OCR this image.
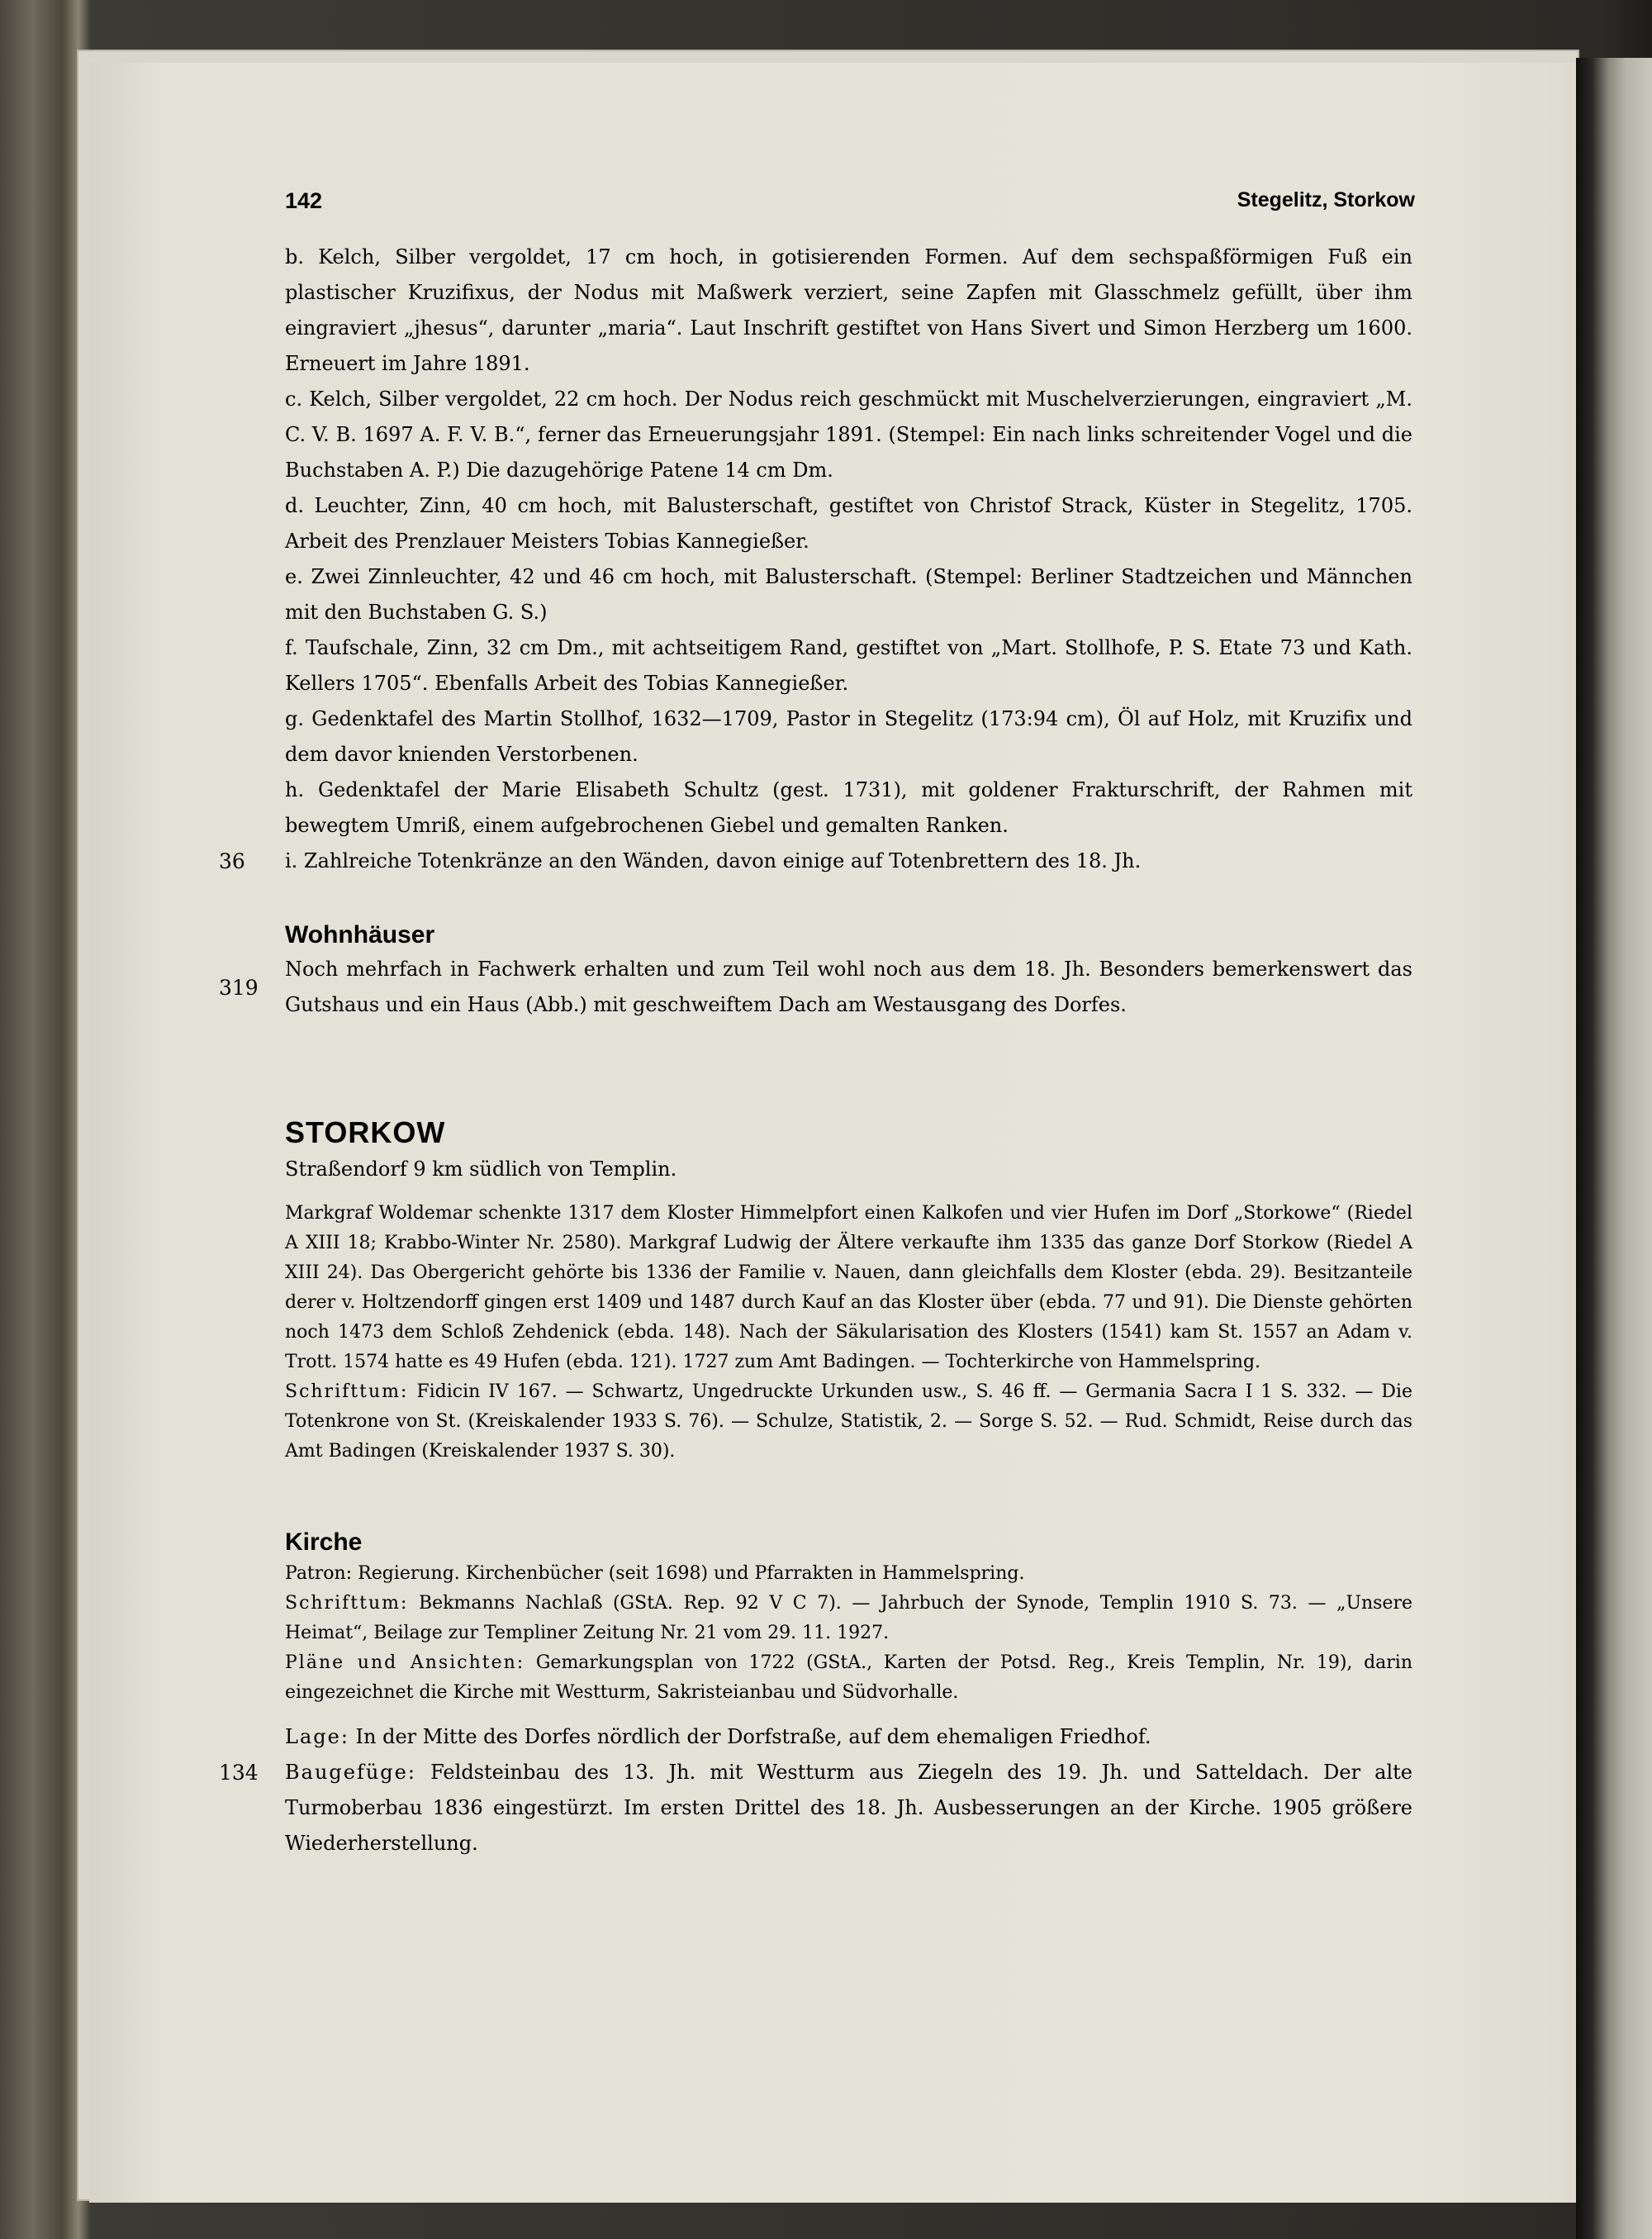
142	Stegelitz, Storkow

b. Kelch, Silber vergoldet, 17 cm hoch, in gotisierenden Formen. Auf dem sechspaßförmigen Fuß ein plastischer Kruzifixus, der Nodus mit Maßwerk verziert, seine Zapfen mit Glasschmelz gefüllt, über ihm eingraviert „jhesus“, darunter „maria“. Laut Inschrift gestiftet von Hans Sivert und Simon Herzberg um 1600. Erneuert im Jahre 1891.

c. Kelch, Silber vergoldet, 22 cm hoch. Der Nodus reich geschmückt mit Muschelverzierungen, eingraviert „M. C. V. B. 1697 A. F. V. B.“, ferner das Erneuerungsjahr 1891. (Stempel: Ein nach links schreitender Vogel und die Buchstaben A. P.) Die dazugehörige Patene 14 cm Dm.

d. Leuchter, Zinn, 40 cm hoch, mit Balusterschaft, gestiftet von Christof Strack, Küster in Stegelitz, 1705. Arbeit des Prenzlauer Meisters Tobias Kannegießer.

e. Zwei Zinnleuchter, 42 und 46 cm hoch, mit Balusterschaft. (Stempel: Berliner Stadtzeichen und Männchen mit den Buchstaben G. S.)

f. Taufschale, Zinn, 32 cm Dm., mit achtseitigem Rand, gestiftet von „Mart. Stollhofe, P. S. Etate 73 und Kath. Kellers 1705“. Ebenfalls Arbeit des Tobias Kannegießer.

g. Gedenktafel des Martin Stollhof, 1632—1709, Pastor in Stegelitz (173:94 cm), Öl auf Holz, mit Kruzifix und dem davor knienden Verstorbenen.

h. Gedenktafel der Marie Elisabeth Schultz (gest. 1731), mit goldener Frakturschrift, der Rahmen mit bewegtem Umriß, einem aufgebrochenen Giebel und gemalten Ranken.

36 i. Zahlreiche Totenkränze an den Wänden, davon einige auf Totenbrettern des 18. Jh.
Wohnhäuser
319
Noch mehrfach in Fachwerk erhalten und zum Teil wohl noch aus dem 18. Jh. Besonders bemerkenswert das Gutshaus und ein Haus (Abb.) mit geschweiftem Dach am Westausgang des Dorfes.
STORKOW

Straßendorf 9 km südlich von Templin.

Markgraf Woldemar schenkte 1317 dem Kloster Himmelpfort einen Kalkofen und vier Hufen im Dorf „Storkowe“ (Riedel A XIII 18; Krabbo-Winter Nr. 2580). Markgraf Ludwig der Ältere verkaufte ihm 1335 das ganze Dorf Storkow (Riedel A XIII 24). Das Obergericht gehörte bis 1336 der Familie v. Nauen, dann gleichfalls dem Kloster (ebda. 29). Besitzanteile derer v. Holtzendorff gingen erst 1409 und 1487 durch Kauf an das Kloster über (ebda. 77 und 91). Die Dienste gehörten noch 1473 dem Schloß Zehdenick (ebda. 148). Nach der Säkularisation des Klosters (1541) kam St. 1557 an Adam v. Trott. 1574 hatte es 49 Hufen (ebda. 121). 1727 zum Amt Badingen. — Tochterkirche von Hammelspring.

Schrifttum: Fidicin IV 167. — Schwartz, Ungedruckte Urkunden usw., S. 46 ff. — Germania Sacra I 1 S. 332. — Die Totenkrone von St. (Kreiskalender 1933 S. 76). — Schulze, Statistik, 2. — Sorge S. 52. — Rud. Schmidt, Reise durch das Amt Badingen (Kreiskalender 1937 S. 30).

Kirche

Patron: Regierung. Kirchenbücher (seit 1698) und Pfarrakten in Hammelspring.

Schrifttum: Bekmanns Nachlaß (GStA. Rep. 92 V C 7). — Jahrbuch der Synode, Templin 1910 S. 73. — „Unsere Heimat“, Beilage zur Templiner Zeitung Nr. 21 vom 29. 11. 1927.

Pläne und Ansichten: Gemarkungsplan von 1722 (GStA., Karten der Potsd. Reg., Kreis Templin, Nr. 19), darin eingezeichnet die Kirche mit Westturm, Sakristeianbau und Südvorhalle.

Lage: In der Mitte des Dorfes nördlich der Dorfstraße, auf dem ehemaligen Friedhof.

134 Baugefüge: Feldsteinbau des 13. Jh. mit Westturm aus Ziegeln des 19. Jh. und Satteldach. Der alte Turmoberbau 1836 eingestürzt. Im ersten Drittel des 18. Jh. Ausbesserungen an der Kirche. 1905 größere Wiederherstellung.
